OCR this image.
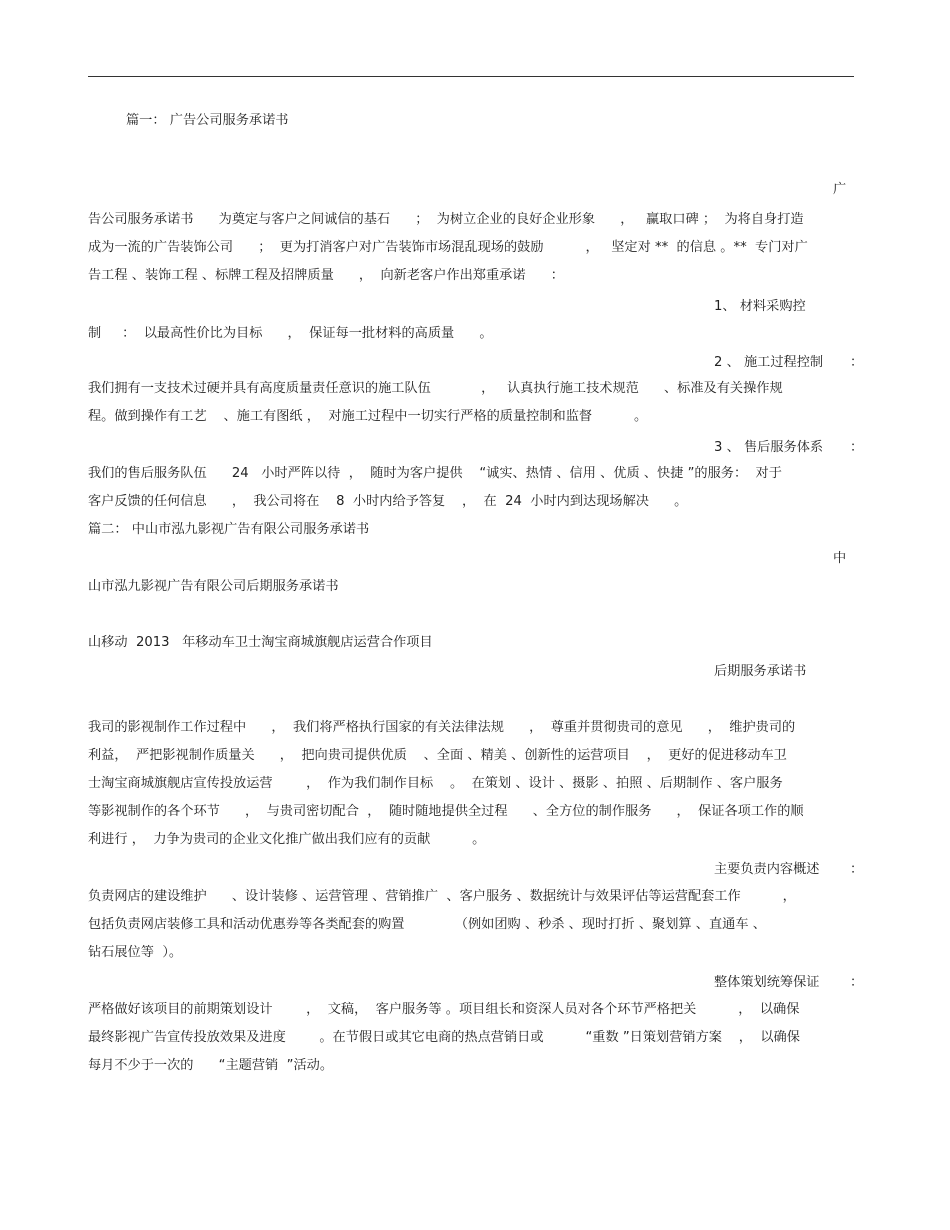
篇一： 广告公司服务承诺书
广
告公司服务承诺书      为奠定与客户之间诚信的基石      ；  为树立企业的良好企业形象      ，   赢取口碑 ；  为将自身打造
成为一流的广告装饰公司      ；  更为打消客户对广告装饰市场混乱现场的鼓励          ，   坚定对 **  的信息 。**  专门对广
告工程 、装饰工程 、标牌工程及招牌质量      ，  向新老客户作出郑重承诺      ：
1、 材料采购控
制     ：  以最高性价比为目标      ，  保证每一批材料的高质量      。
2 、 施工过程控制 ：
我们拥有一支技术过硬并具有高度质量责任意识的施工队伍            ，   认真执行施工技术规范      、标准及有关操作规
程。做到操作有工艺    、施工有图纸 ，  对施工过程中一切实行严格的质量控制和监督          。
3 、 售后服务体系 ：
我们的售后服务队伍      24   小时严阵以待  ，  随时为客户提供    “诚实、热情 、信用 、优质 、快捷 ”的服务：  对于
客户反馈的任何信息      ，  我公司将在    8  小时内给予答复    ，  在  24  小时内到达现场解决      。
篇二： 中山市泓九影视广告有限公司服务承诺书
中
山市泓九影视广告有限公司后期服务承诺书
山移动  2013   年移动车卫士淘宝商城旗舰店运营合作项目
后期服务承诺书
我司的影视制作工作过程中      ，  我们将严格执行国家的有关法律法规      ，  尊重并贯彻贵司的意见      ，  维护贵司的
利益，  严把影视制作质量关      ，  把向贵司提供优质    、全面 、精美 、创新性的运营项目    ，  更好的促进移动车卫
士淘宝商城旗舰店宣传投放运营        ，  作为我们制作目标    。  在策划 、设计 、摄影 、拍照 、后期制作 、客户服务
等影视制作的各个环节      ，  与贵司密切配合  ，  随时随地提供全过程      、全方位的制作服务      ，  保证各项工作的顺
利进行 ，  力争为贵司的企业文化推广做出我们应有的贡献          。
主要负责内容概述 ：
负责网店的建设维护      、设计装修 、运营管理 、营销推广  、客户服务 、数据统计与效果评估等运营配套工作          ，
包括负责网店装修工具和活动优惠券等各类配套的购置            （例如团购 、秒杀 、现时打折 、聚划算 、直通车 、
钻石展位等  ）。
整体策划统筹保证 ：
严格做好该项目的前期策划设计        ，  文稿，  客户服务等 。项目组长和资深人员对各个环节严格把关          ，  以确保
最终影视广告宣传投放效果及进度        。在节假日或其它电商的热点营销日或          “重数 ”日策划营销方案    ，  以确保
每月不少于一次的      “主题营销  ”活动。
